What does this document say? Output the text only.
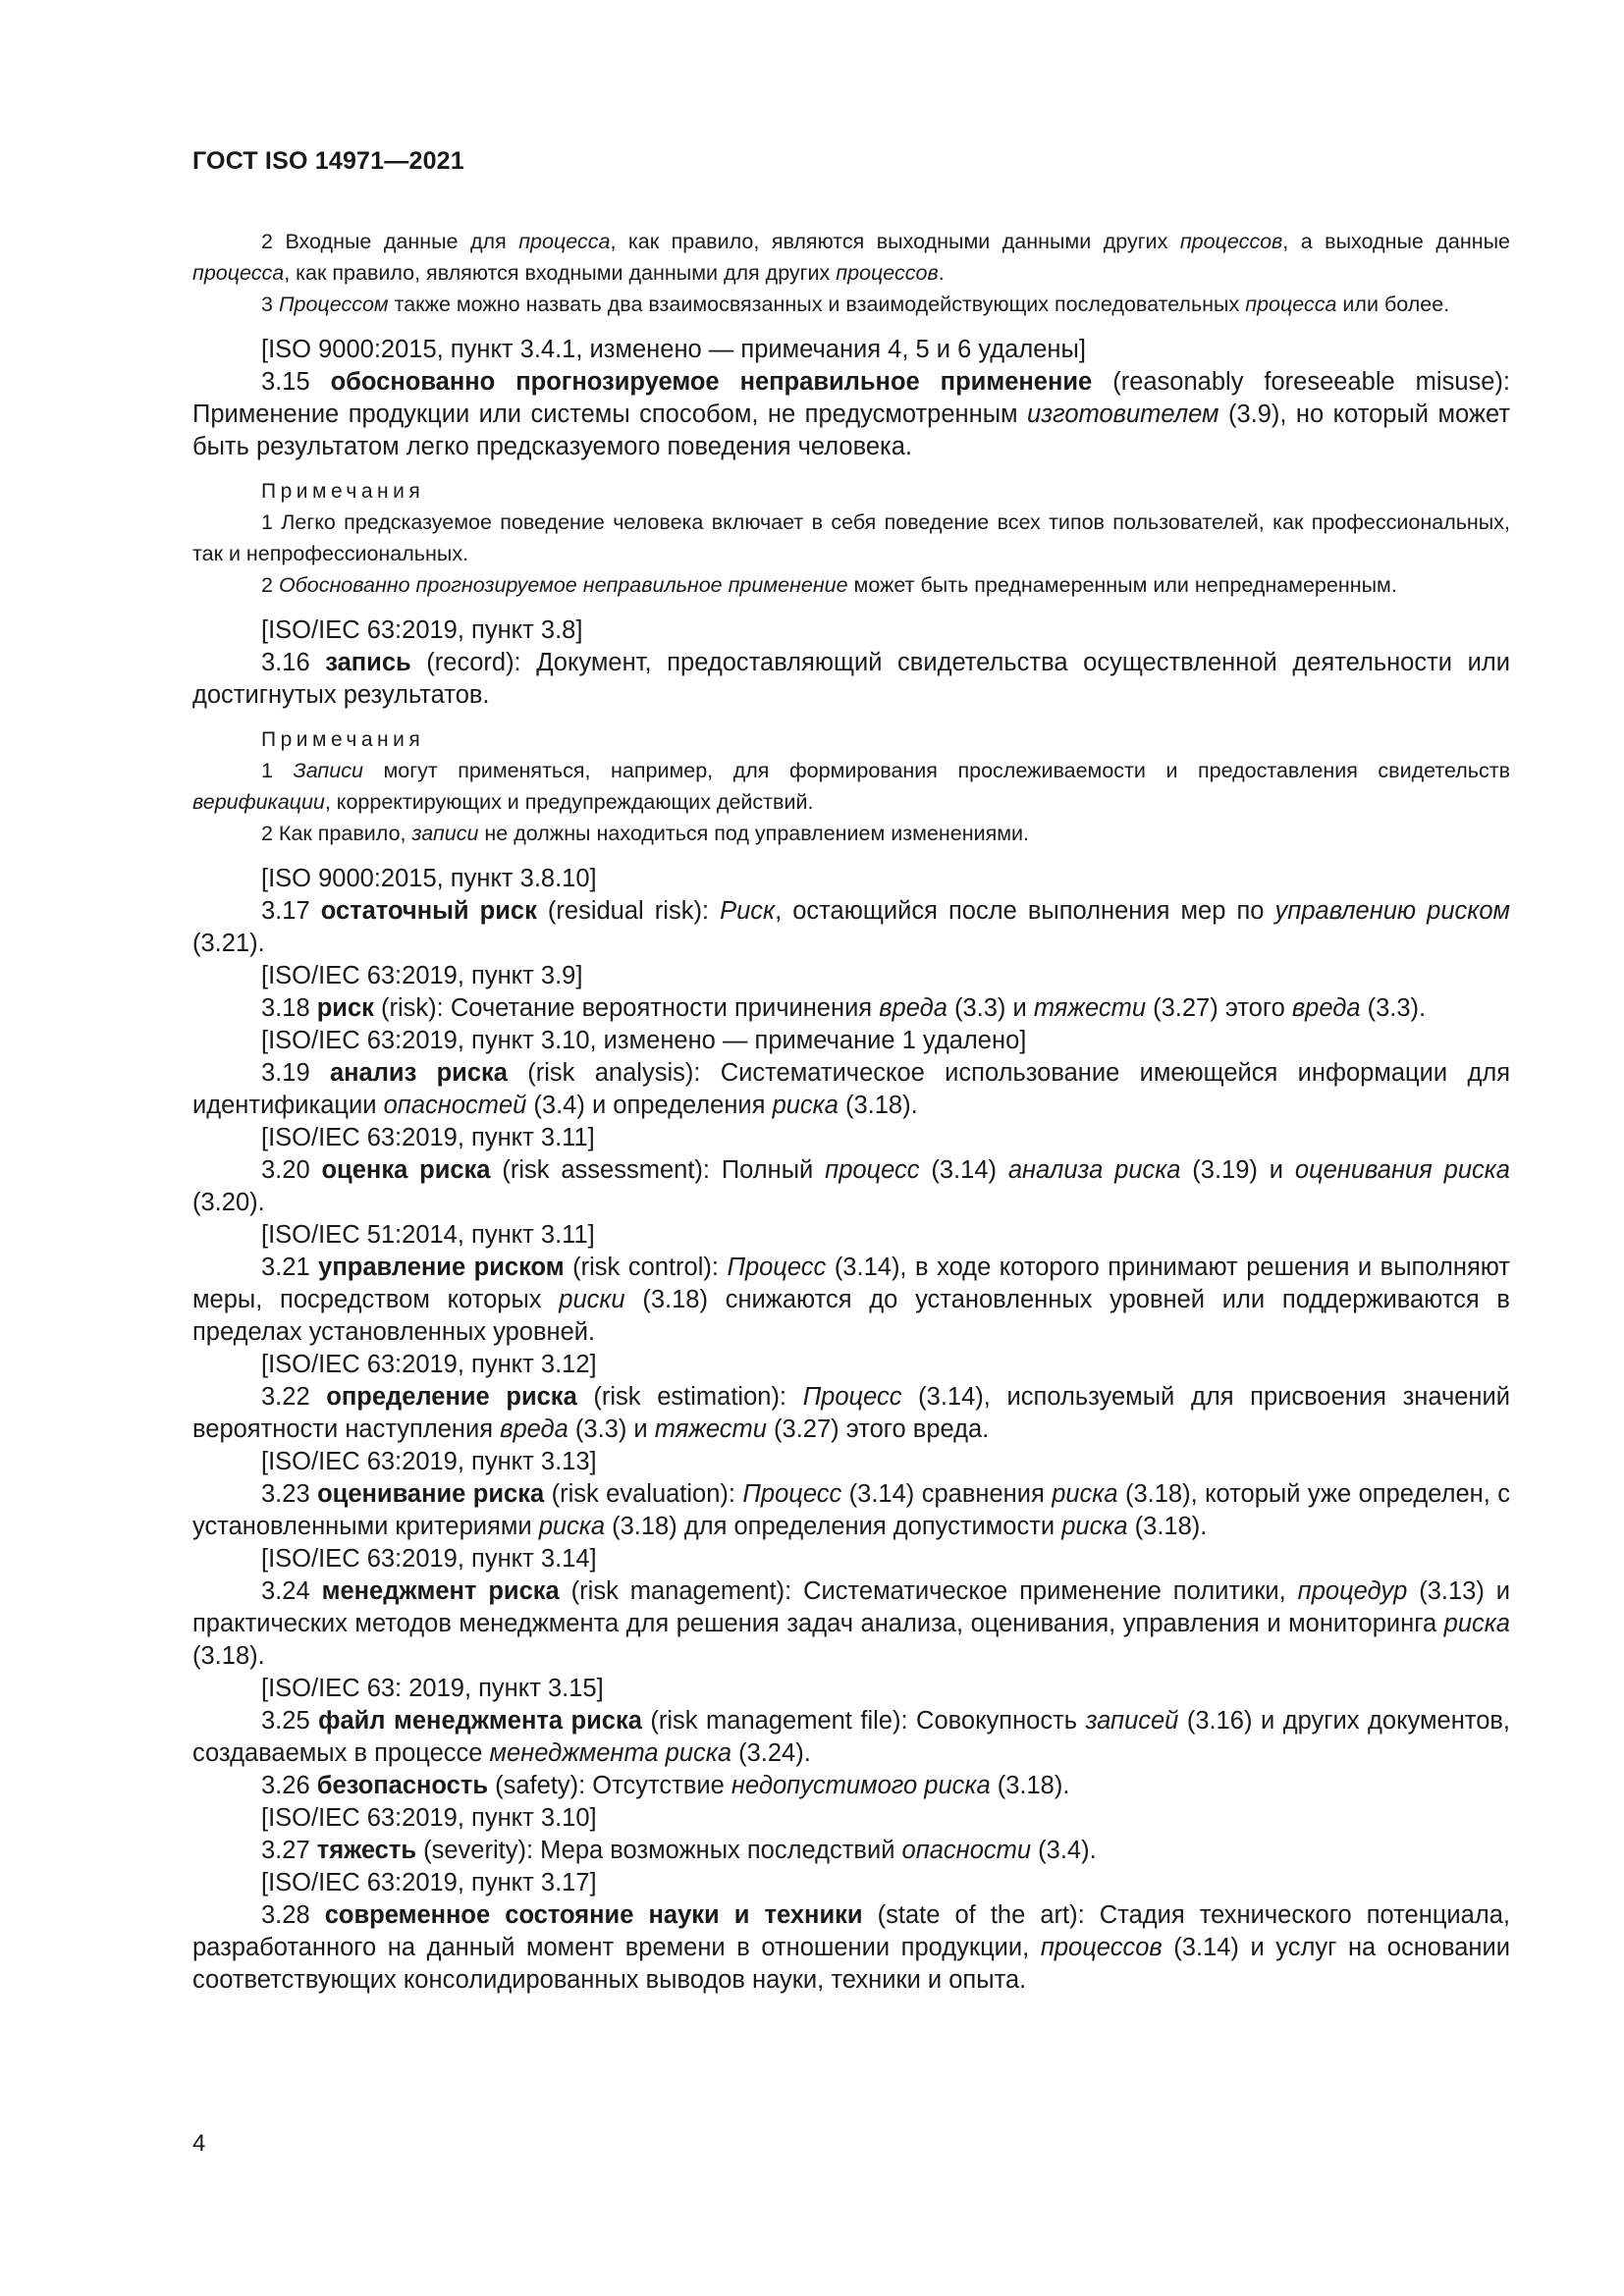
ГОСТ ISO 14971—2021
2 Входные данные для процесса, как правило, являются выходными данными других процессов, а выходные данные процесса, как правило, являются входными данными для других процессов.
3 Процессом также можно назвать два взаимосвязанных и взаимодействующих последовательных процесса или более.
[ISO 9000:2015, пункт 3.4.1, изменено — примечания 4, 5 и 6 удалены]
3.15 обоснованно прогнозируемое неправильное применение (reasonably foreseeable misuse): Применение продукции или системы способом, не предусмотренным изготовителем (3.9), но который может быть результатом легко предсказуемого поведения человека.
Примечания
1 Легко предсказуемое поведение человека включает в себя поведение всех типов пользователей, как профессиональных, так и непрофессиональных.
2 Обоснованно прогнозируемое неправильное применение может быть преднамеренным или непреднамеренным.
[ISO/IEC 63:2019, пункт 3.8]
3.16 запись (record): Документ, предоставляющий свидетельства осуществленной деятельности или достигнутых результатов.
Примечания
1 Записи могут применяться, например, для формирования прослеживаемости и предоставления свидетельств верификации, корректирующих и предупреждающих действий.
2 Как правило, записи не должны находиться под управлением изменениями.
[ISO 9000:2015, пункт 3.8.10]
3.17 остаточный риск (residual risk): Риск, остающийся после выполнения мер по управлению риском (3.21).
[ISO/IEC 63:2019, пункт 3.9]
3.18 риск (risk): Сочетание вероятности причинения вреда (3.3) и тяжести (3.27) этого вреда (3.3).
[ISO/IEC 63:2019, пункт 3.10, изменено — примечание 1 удалено]
3.19 анализ риска (risk analysis): Систематическое использование имеющейся информации для идентификации опасностей (3.4) и определения риска (3.18).
[ISO/IEC 63:2019, пункт 3.11]
3.20 оценка риска (risk assessment): Полный процесс (3.14) анализа риска (3.19) и оценивания риска (3.20).
[ISO/IEC 51:2014, пункт 3.11]
3.21 управление риском (risk control): Процесс (3.14), в ходе которого принимают решения и выполняют меры, посредством которых риски (3.18) снижаются до установленных уровней или поддерживаются в пределах установленных уровней.
[ISO/IEC 63:2019, пункт 3.12]
3.22 определение риска (risk estimation): Процесс (3.14), используемый для присвоения значений вероятности наступления вреда (3.3) и тяжести (3.27) этого вреда.
[ISO/IEC 63:2019, пункт 3.13]
3.23 оценивание риска (risk evaluation): Процесс (3.14) сравнения риска (3.18), который уже определен, с установленными критериями риска (3.18) для определения допустимости риска (3.18).
[ISO/IEC 63:2019, пункт 3.14]
3.24 менеджмент риска (risk management): Систематическое применение политики, процедур (3.13) и практических методов менеджмента для решения задач анализа, оценивания, управления и мониторинга риска (3.18).
[ISO/IEC 63: 2019, пункт 3.15]
3.25 файл менеджмента риска (risk management file): Совокупность записей (3.16) и других документов, создаваемых в процессе менеджмента риска (3.24).
3.26 безопасность (safety): Отсутствие недопустимого риска (3.18).
[ISO/IEC 63:2019, пункт 3.10]
3.27 тяжесть (severity): Мера возможных последствий опасности (3.4).
[ISO/IEC 63:2019, пункт 3.17]
3.28 современное состояние науки и техники (state of the art): Стадия технического потенциала, разработанного на данный момент времени в отношении продукции, процессов (3.14) и услуг на основании соответствующих консолидированных выводов науки, техники и опыта.
4
